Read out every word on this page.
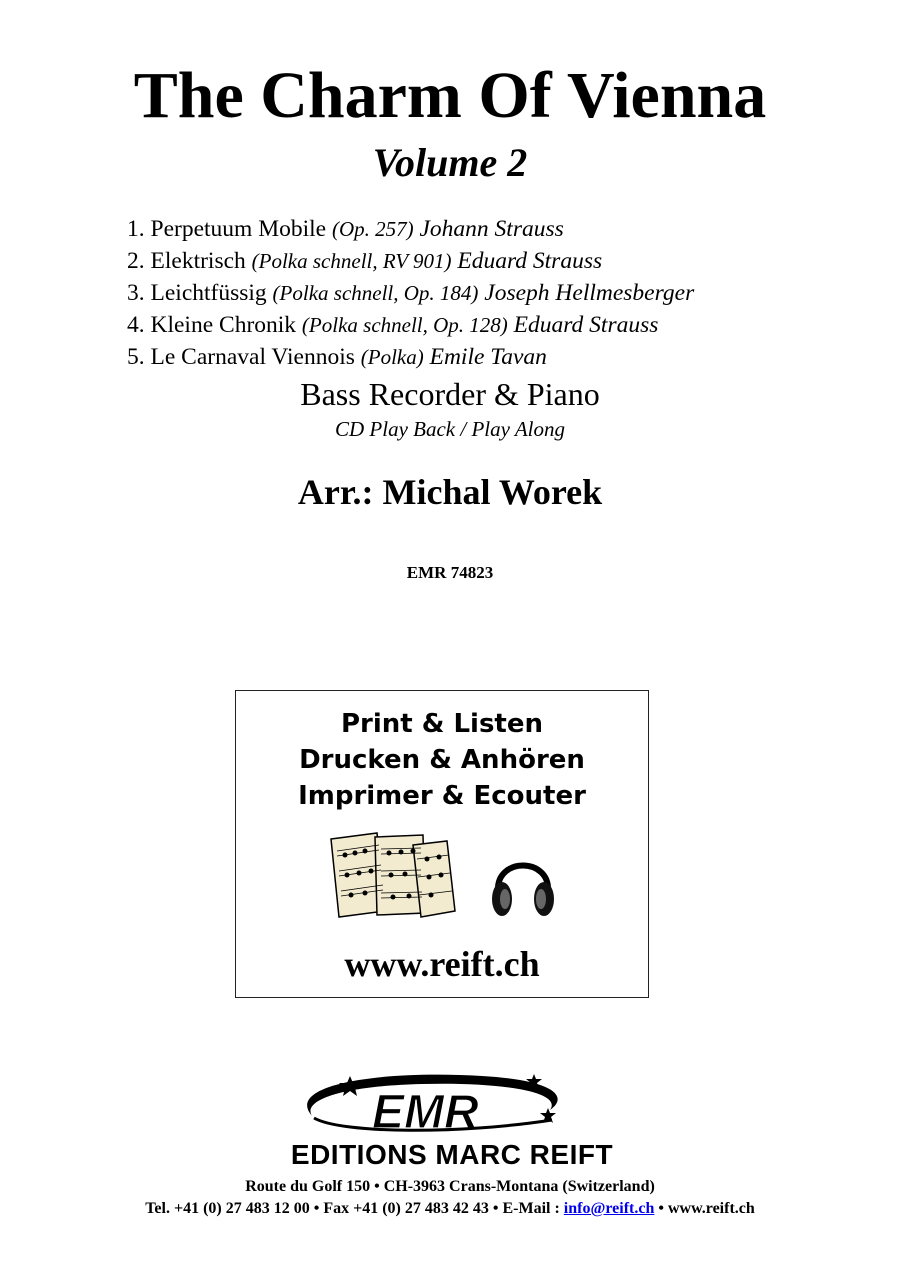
The Charm Of Vienna
Volume 2
1. Perpetuum Mobile (Op. 257) Johann Strauss
2. Elektrisch (Polka schnell, RV 901) Eduard Strauss
3. Leichtfüssig (Polka schnell, Op. 184) Joseph Hellmesberger
4. Kleine Chronik (Polka schnell, Op. 128) Eduard Strauss
5. Le Carnaval Viennois (Polka) Emile Tavan
Bass Recorder & Piano
CD Play Back / Play Along
Arr.: Michal Worek
EMR 74823
Print & Listen
Drucken & Anhören
Imprimer & Ecouter
www.reift.ch
EMR
EDITIONS MARC REIFT
Route du Golf 150 • CH-3963 Crans-Montana (Switzerland)
Tel. +41 (0) 27 483 12 00 • Fax +41 (0) 27 483 42 43 • E-Mail : info@reift.ch • www.reift.ch
